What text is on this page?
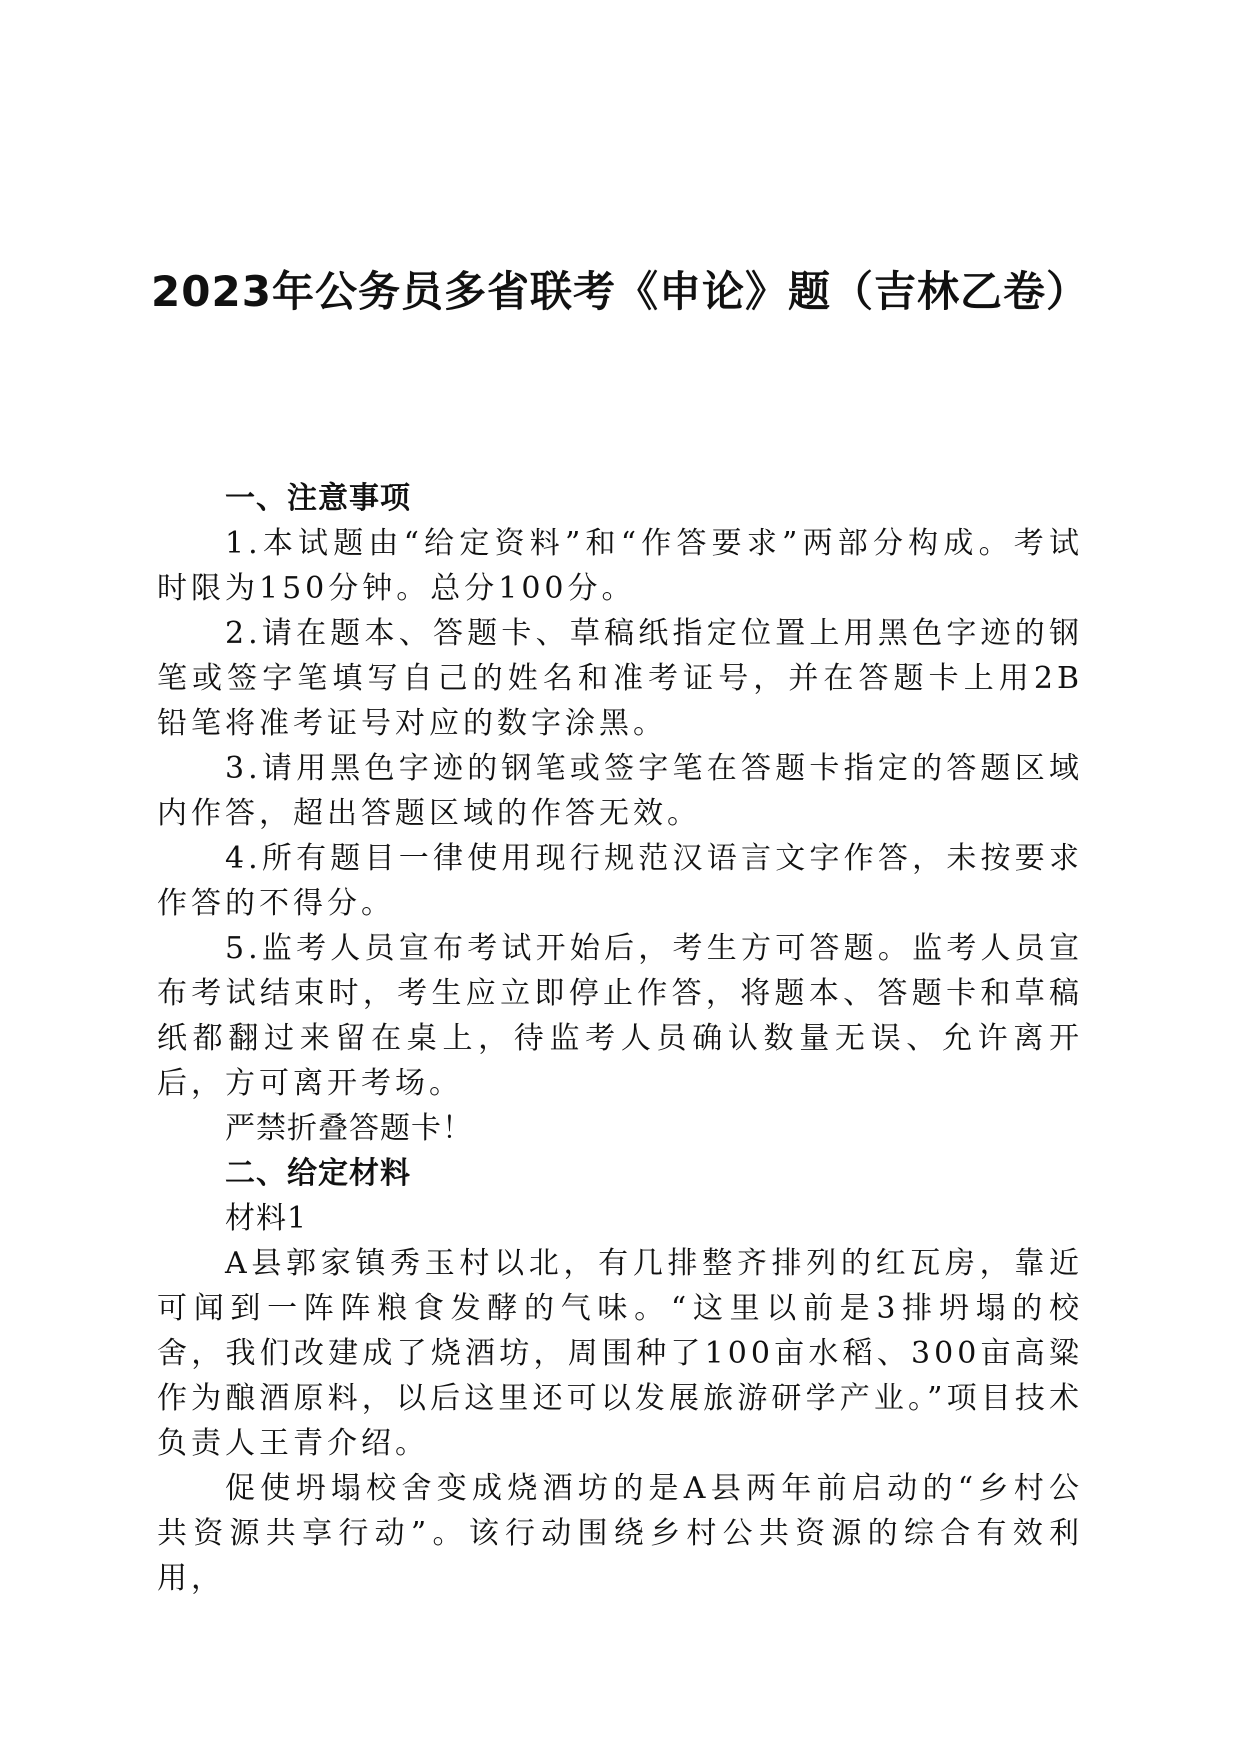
2023年公务员多省联考《申论》题（吉林乙卷）

一、注意事项

1.本试题由“给定资料”和“作答要求”两部分构成。考试时限为150分钟。总分100分。

2.请在题本、答题卡、草稿纸指定位置上用黑色字迹的钢笔或签字笔填写自己的姓名和准考证号，并在答题卡上用2B铅笔将准考证号对应的数字涂黑。

3.请用黑色字迹的钢笔或签字笔在答题卡指定的答题区域内作答，超出答题区域的作答无效。

4.所有题目一律使用现行规范汉语言文字作答，未按要求作答的不得分。

5.监考人员宣布考试开始后，考生方可答题。监考人员宣布考试结束时，考生应立即停止作答，将题本、答题卡和草稿纸都翻过来留在桌上，待监考人员确认数量无误、允许离开后，方可离开考场。

严禁折叠答题卡！

二、给定材料

材料1

A县郭家镇秀玉村以北，有几排整齐排列的红瓦房，靠近可闻到一阵阵粮食发酵的气味。“这里以前是3排坍塌的校舍，我们改建成了烧酒坊，周围种了100亩水稻、300亩高粱作为酿酒原料，以后这里还可以发展旅游研学产业。”项目技术负责人王青介绍。

促使坍塌校舍变成烧酒坊的是A县两年前启动的“乡村公共资源共享行动”。该行动围绕乡村公共资源的综合有效利用，
